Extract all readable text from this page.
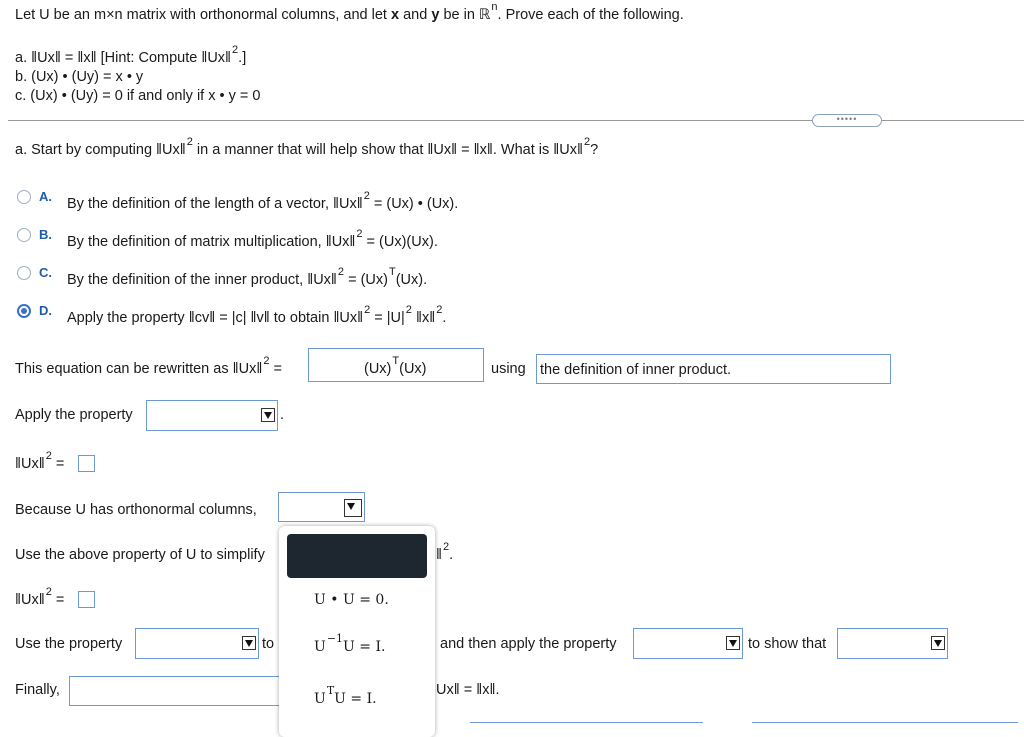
Let U be an m×n matrix with orthonormal columns, and let x and y be in ℝ$^n$. Prove each of the following.
a. ‖Ux‖ = ‖x‖ [Hint: Compute ‖Ux‖$^2$.]
b. (Ux) • (Uy) = x • y
c. (Ux) • (Uy) = 0 if and only if x • y = 0
•••••
a. Start by computing ‖Ux‖$^2$ in a manner that will help show that ‖Ux‖ = ‖x‖. What is ‖Ux‖$^2$?
A. By the definition of the length of a vector, ‖Ux‖$^2$ = (Ux) • (Ux).
B. By the definition of matrix multiplication, ‖Ux‖$^2$ = (Ux)(Ux).
C. By the definition of the inner product, ‖Ux‖$^2$ = $(Ux)^T(Ux)$.
D. Apply the property ‖cv‖ = |c| ‖v‖ to obtain ‖Ux‖$^2$ = $|U|^2$ ‖x‖$^2$.
This equation can be rewritten as ‖Ux‖$^2$ =	$(Ux)^T(Ux)$	using the definition of inner product.
Apply the property	.
‖Ux‖$^2$ =
Because U has orthonormal columns,
Use the above property of U to simplify	‖$^2$.
‖Ux‖$^2$ =
Use the property	to	and then apply the property	to show that
Finally,	Ux‖ = ‖x‖.
U • U = 0.
$U^{-1}U = I$.
$U^TU = I$.
